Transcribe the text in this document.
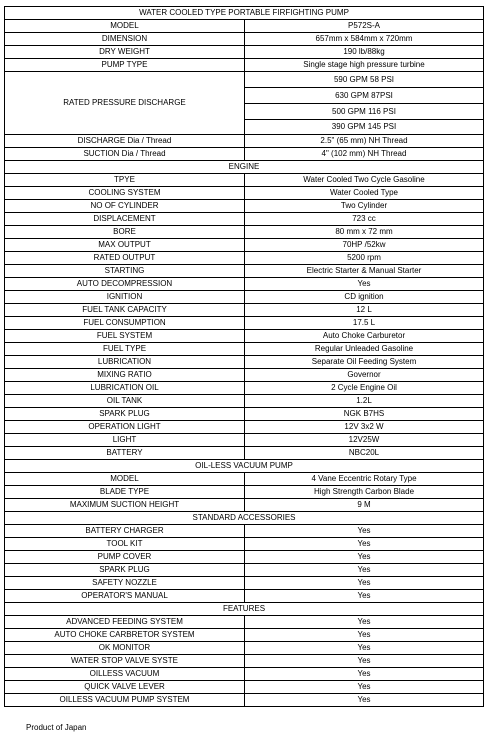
WATER COOLED TYPE PORTABLE FIRFIGHTING PUMP	
MODEL	P572S-A
DIMENSION	657mm x 584mm x 720mm
DRY WEIGHT	190 lb/88kg
PUMP TYPE	Single stage high pressure turbine
RATED PRESSURE DISCHARGE	590 GPM 58 PSI
	630 GPM 87PSI
	500 GPM 116 PSI
	390 GPM 145 PSI
DISCHARGE Dia / Thread	2.5" (65 mm) NH Thread
SUCTION Dia / Thread	4" (102 mm) NH Thread
ENGINE	
TPYE	Water Cooled Two Cycle Gasoline
COOLING SYSTEM	Water Cooled Type
NO OF CYLINDER	Two Cylinder
DISPLACEMENT	723 cc
BORE	80 mm x 72 mm
MAX OUTPUT	70HP /52kw
RATED OUTPUT	5200 rpm
STARTING	Electric Starter & Manual Starter
AUTO DECOMPRESSION	Yes
IGNITION	CD ignition
FUEL TANK CAPACITY	12 L
FUEL CONSUMPTION	17.5 L
FUEL SYSTEM	Auto Choke Carburetor
FUEL TYPE	Regular Unleaded Gasoline
LUBRICATION	Separate Oil Feeding System
MIXING RATIO	Governor
LUBRICATION OIL	2 Cycle Engine Oil
OIL TANK	1.2L
SPARK PLUG	NGK B7HS
OPERATION LIGHT	12V 3x2 W
LIGHT	12V25W
BATTERY	NBC20L
OIL-LESS VACUUM PUMP	
MODEL	4 Vane Eccentric Rotary Type
BLADE TYPE	High Strength Carbon Blade
MAXIMUM SUCTION HEIGHT	9 M
STANDARD ACCESSORIES	
BATTERY CHARGER	Yes
TOOL KIT	Yes
PUMP COVER	Yes
SPARK PLUG	Yes
SAFETY NOZZLE	Yes
OPERATOR'S MANUAL	Yes
FEATURES	
ADVANCED FEEDING SYSTEM	Yes
AUTO CHOKE CARBRETOR SYSTEM	Yes
OK MONITOR	Yes
WATER STOP VALVE SYSTE	Yes
OILLESS VACUUM	Yes
QUICK VALVE LEVER	Yes
OILLESS VACUUM PUMP SYSTEM	Yes
Product of Japan
